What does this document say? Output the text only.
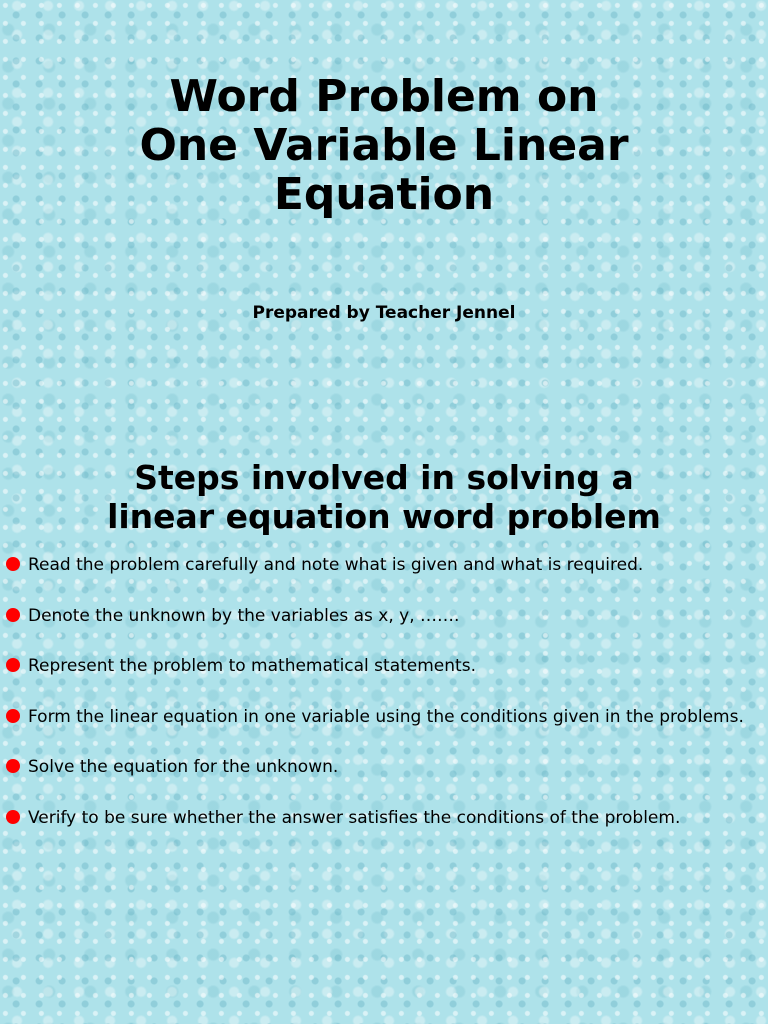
Word Problem on
One Variable Linear
Equation

Prepared by Teacher Jennel

Steps involved in solving a
linear equation word problem
Read the problem carefully and note what is given and what is required.
Denote the unknown by the variables as x, y, …….
Represent the problem to mathematical statements.
Form the linear equation in one variable using the conditions given in the problems.
Solve the equation for the unknown.
Verify to be sure whether the answer satisfies the conditions of the problem.
